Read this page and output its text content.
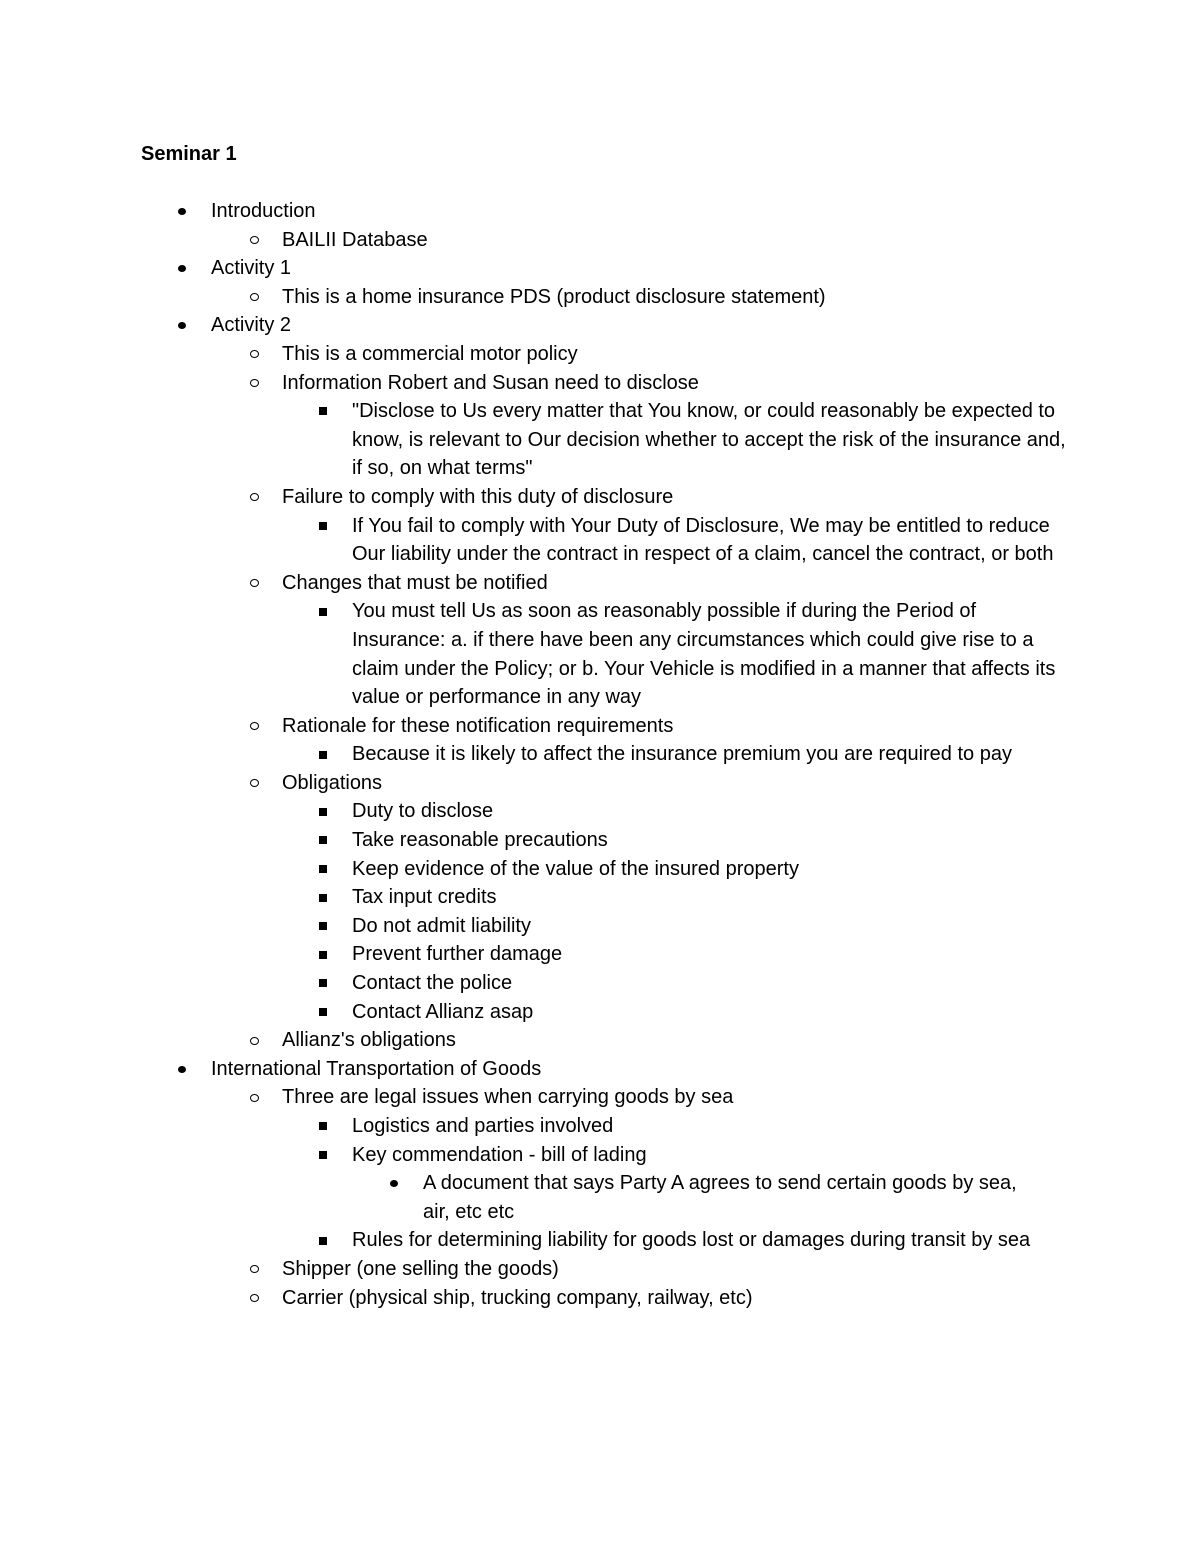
Seminar 1
Introduction
BAILII Database
Activity 1
This is a home insurance PDS (product disclosure statement)
Activity 2
This is a commercial motor policy
Information Robert and Susan need to disclose
"Disclose to Us every matter that You know, or could reasonably be expected to know, is relevant to Our decision whether to accept the risk of the insurance and, if so, on what terms"
Failure to comply with this duty of disclosure
If You fail to comply with Your Duty of Disclosure, We may be entitled to reduce Our liability under the contract in respect of a claim, cancel the contract, or both
Changes that must be notified
You must tell Us as soon as reasonably possible if during the Period of Insurance: a. if there have been any circumstances which could give rise to a claim under the Policy; or b. Your Vehicle is modified in a manner that affects its value or performance in any way
Rationale for these notification requirements
Because it is likely to affect the insurance premium you are required to pay
Obligations
Duty to disclose
Take reasonable precautions
Keep evidence of the value of the insured property
Tax input credits
Do not admit liability
Prevent further damage
Contact the police
Contact Allianz asap
Allianz's obligations
International Transportation of Goods
Three are legal issues when carrying goods by sea
Logistics and parties involved
Key commendation - bill of lading
A document that says Party A agrees to send certain goods by sea, air, etc etc
Rules for determining liability for goods lost or damages during transit by sea
Shipper (one selling the goods)
Carrier (physical ship, trucking company, railway, etc)
